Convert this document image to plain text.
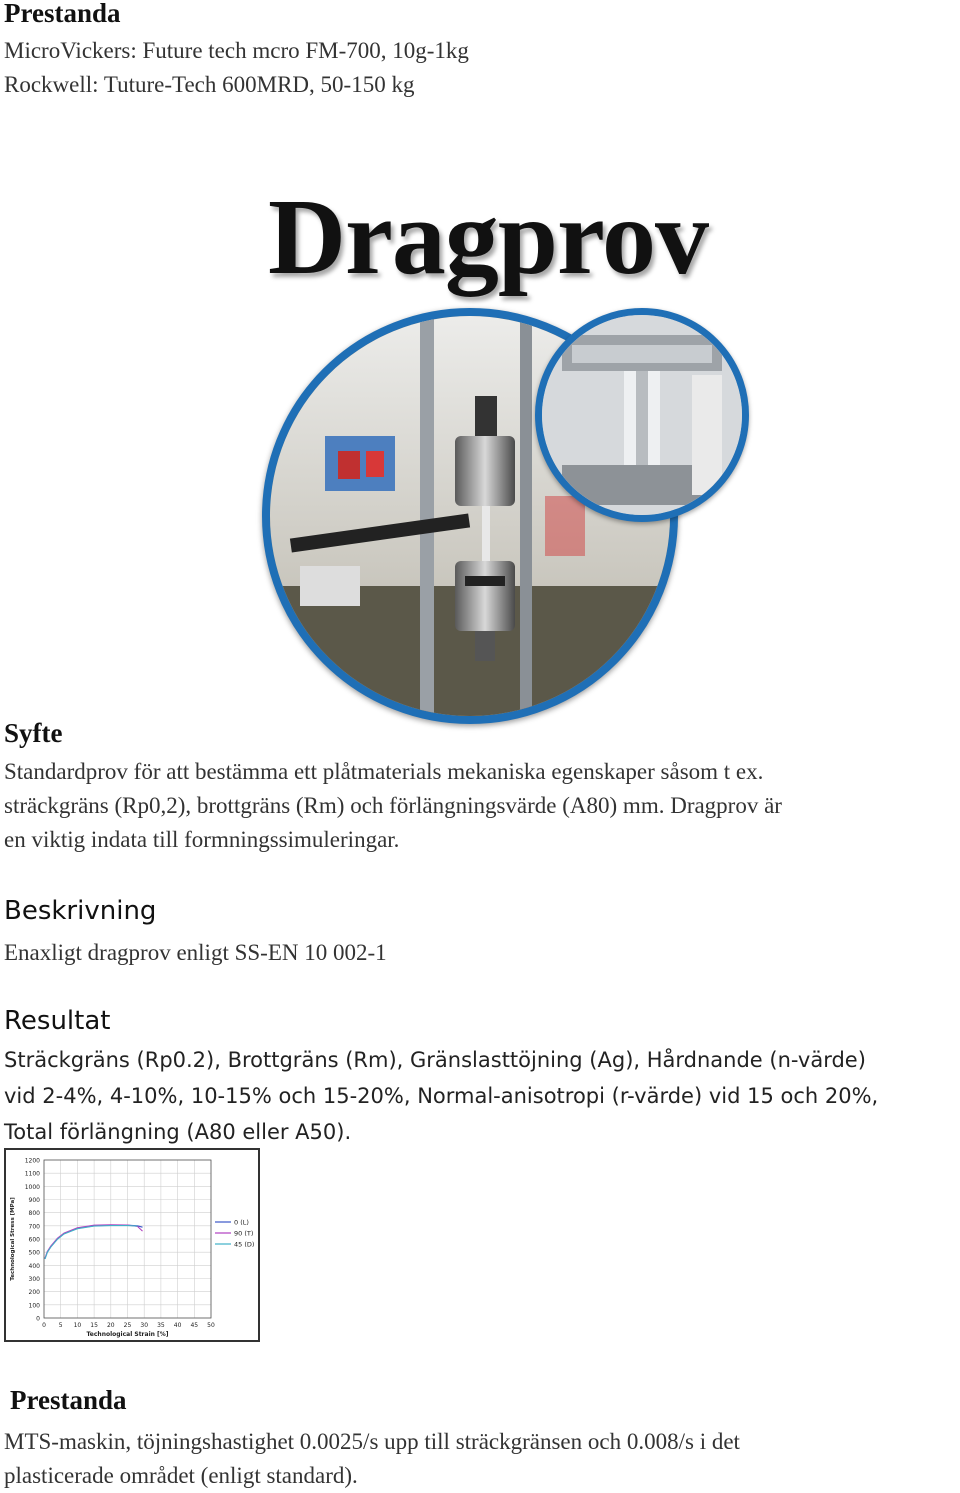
Prestanda
MicroVickers: Future tech mcro FM-700, 10g-1kg
Rockwell: Tuture-Tech 600MRD, 50-150 kg
Dragprov
Syfte
Standardprov för att bestämma ett plåtmaterials mekaniska egenskaper såsom t ex.
sträckgräns (Rp0,2), brottgräns (Rm) och förlängningsvärde (A80) mm. Dragprov är
en viktig indata till formningssimuleringar.
Beskrivning
Enaxligt dragprov enligt SS-EN 10 002-1
Resultat
Sträckgräns (Rp0.2), Brottgräns (Rm), Gränslasttöjning (Ag), Hårdnande (n-värde)
vid 2-4%, 4-10%, 10-15% och 15-20%, Normal-anisotropi (r-värde) vid 15 och 20%,
Total förlängning (A80 eller A50).
1200
1100
1000
900
800
700
600
500
400
300
200
100
0
0 5 10 15 20 25 30 35 40 45 50
Technological Strain [%]
Technological Stress [MPa]	0 (L)
90 (T)
45 (D)
Prestanda
MTS-maskin, töjningshastighet 0.0025/s upp till sträckgränsen och 0.008/s i det
plasticerade området (enligt standard).
